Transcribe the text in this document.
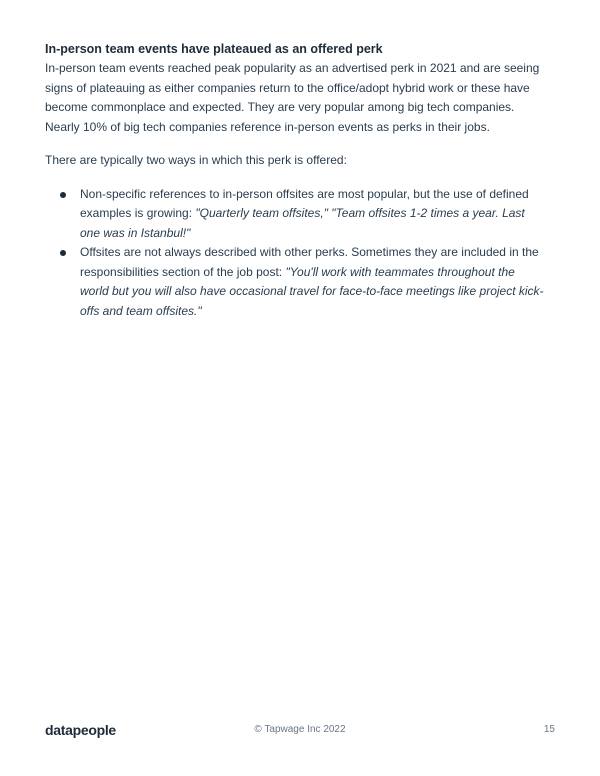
In-person team events have plateaued as an offered perk

In-person team events reached peak popularity as an advertised perk in 2021 and are seeing signs of plateauing as either companies return to the office/adopt hybrid work or these have become commonplace and expected. They are very popular among big tech companies. Nearly 10% of big tech companies reference in-person events as perks in their jobs.

There are typically two ways in which this perk is offered:

Non-specific references to in-person offsites are most popular, but the use of defined examples is growing: "Quarterly team offsites," "Team offsites 1-2 times a year. Last one was in Istanbul!"
Offsites are not always described with other perks. Sometimes they are included in the responsibilities section of the job post: "You'll work with teammates throughout the world but you will also have occasional travel for face-to-face meetings like project kick-offs and team offsites."
datapeople	© Tapwage Inc 2022	15
